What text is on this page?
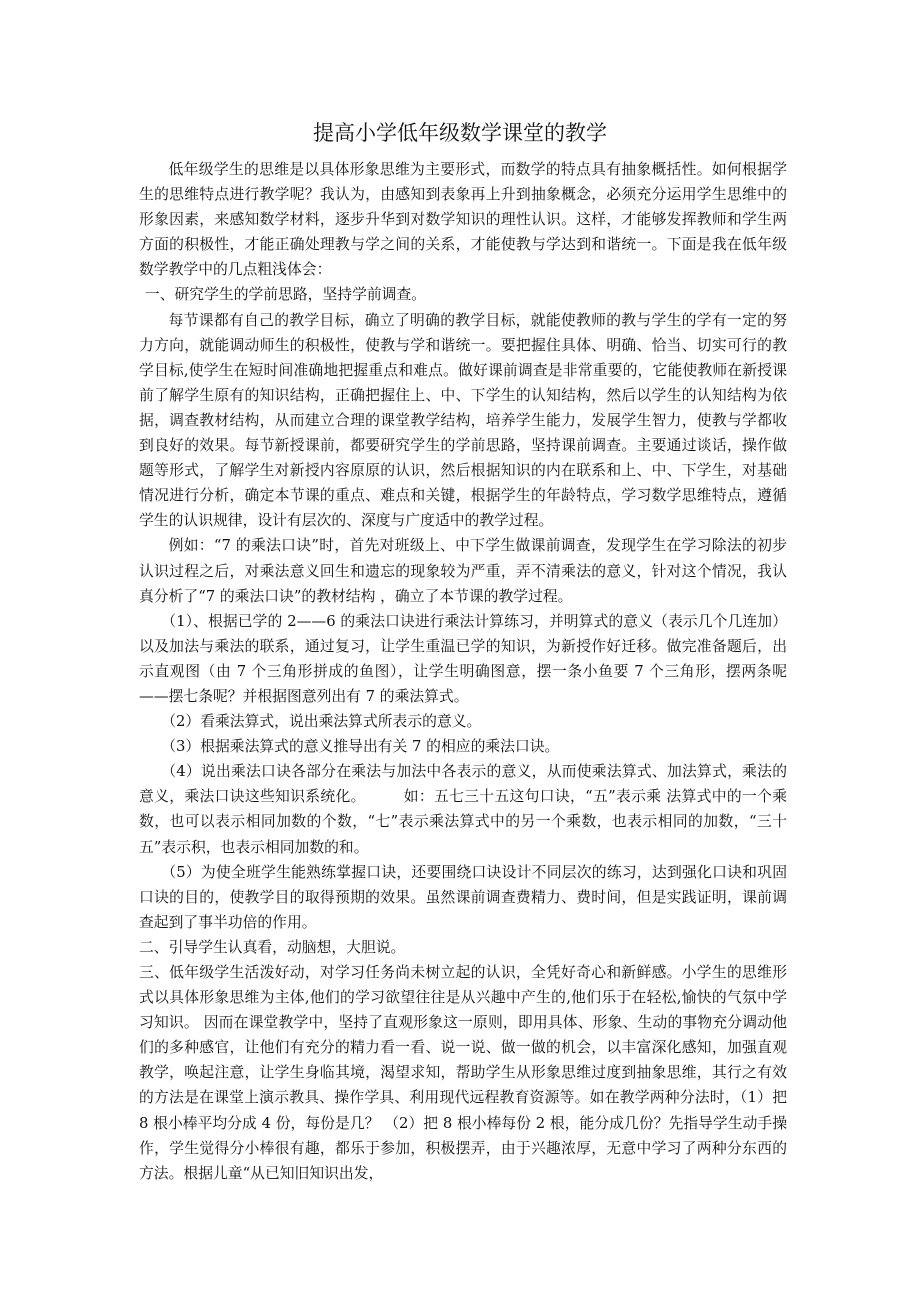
提高小学低年级数学课堂的教学

低年级学生的思维是以具体形象思维为主要形式，而数学的特点具有抽象概括性。如何根据学生的思维特点进行教学呢？我认为，由感知到表象再上升到抽象概念，必须充分运用学生思维中的形象因素，来感知数学材料，逐步升华到对数学知识的理性认识。这样，才能够发挥教师和学生两方面的积极性，才能正确处理教与学之间的关系，才能使教与学达到和谐统一。下面是我在低年级数学教学中的几点粗浅体会：

一、研究学生的学前思路，坚持学前调查。

每节课都有自己的教学目标，确立了明确的教学目标，就能使教师的教与学生的学有一定的努力方向，就能调动师生的积极性，使教与学和谐统一。要把握住具体、明确、恰当、切实可行的教学目标,使学生在短时间准确地把握重点和难点。做好课前调查是非常重要的，它能使教师在新授课前了解学生原有的知识结构，正确把握住上、中、下学生的认知结构，然后以学生的认知结构为依据，调查教材结构，从而建立合理的课堂教学结构，培养学生能力，发展学生智力，使教与学都收到良好的效果。每节新授课前，都要研究学生的学前思路，坚持课前调查。主要通过谈话，操作做题等形式，了解学生对新授内容原原的认识，然后根据知识的内在联系和上、中、下学生，对基础情况进行分析，确定本节课的重点、难点和关键，根据学生的年龄特点，学习数学思维特点，遵循学生的认识规律，设计有层次的、深度与广度适中的教学过程。

例如：“7 的乘法口诀”时，首先对班级上、中下学生做课前调查，发现学生在学习除法的初步认识过程之后，对乘法意义回生和遗忘的现象较为严重，弄不清乘法的意义，针对这个情况，我认真分析了“7 的乘法口诀”的教材结构 ，确立了本节课的教学过程。

（1）、根据已学的 2——6 的乘法口诀进行乘法计算练习，并明算式的意义（表示几个几连加）以及加法与乘法的联系，通过复习，让学生重温已学的知识，为新授作好迁移。做完准备题后，出示直观图（由 7 个三角形拼成的鱼图），让学生明确图意，摆一条小鱼要 7 个三角形，摆两条呢——摆七条呢？并根据图意列出有 7 的乘法算式。

（2）看乘法算式，说出乘法算式所表示的意义。

（3）根据乘法算式的意义推导出有关 7 的相应的乘法口诀。

（4）说出乘法口诀各部分在乘法与加法中各表示的意义，从而使乘法算式、加法算式，乘法的意义，乘法口诀这些知识系统化。　　　如：五七三十五这句口诀，“五”表示乘 法算式中的一个乘数，也可以表示相同加数的个数，“七”表示乘法算式中的另一个乘数，也表示相同的加数，“三十五”表示积，也表示相同加数的和。

（5）为使全班学生能熟练掌握口诀，还要围绕口诀设计不同层次的练习，达到强化口诀和巩固口诀的目的，使教学目的取得预期的效果。虽然课前调查费精力、费时间，但是实践证明，课前调查起到了事半功倍的作用。

二、引导学生认真看，动脑想，大胆说。

三、低年级学生活泼好动，对学习任务尚未树立起的认识，全凭好奇心和新鲜感。小学生的思维形式以具体形象思维为主体,他们的学习欲望往往是从兴趣中产生的,他们乐于在轻松,愉快的气氛中学习知识。 因而在课堂教学中，坚持了直观形象这一原则，即用具体、形象、生动的事物充分调动他们的多种感官，让他们有充分的精力看一看、说一说、做一做的机会，以丰富深化感知，加强直观教学，唤起注意，让学生身临其境，渴望求知，帮助学生从形象思维过度到抽象思维，其行之有效的方法是在课堂上演示教具、操作学具、利用现代远程教育资源等。如在教学两种分法时，（1）把 8 根小棒平均分成 4 份，每份是几？ （2）把 8 根小棒每份 2 根，能分成几份？先指导学生动手操作，学生觉得分小棒很有趣，都乐于参加，积极摆弄，由于兴趣浓厚，无意中学习了两种分东西的方法。根据儿童“从已知旧知识出发，
